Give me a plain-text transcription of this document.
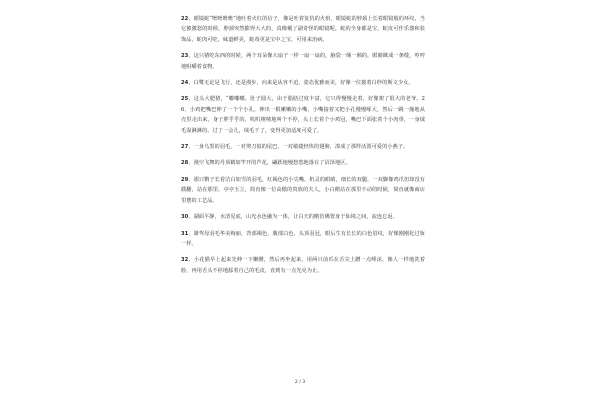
22、眼镜蛇“咝咝咝咝”地吐着火红的信子，像是吐着复仇的火焰，眼镜蛇的脖颈上长着眼镜般的环纹，当它被激怒的时候，脖颈突然膨得大大的，真像戴了副奇怪的眼镜呢。蛇的全身都是宝，蛇皮可作乐器和装饰品，蛇肉可吃，味道鲜美，蛇毒更是宝中之宝，可用来治病。

23、这只猪吃东西的时候，两个耳朵像大扇子一样一扇一扇的，脑袋一颠一颠的，眼睛眯成一条缝，哼哼地咀嚼着食物。

24、白鹭无论是飞行，还是漫步，向来是从容不迫，姿态优雅而美，好像一位披着白纱的斯文少女。

25、这头大肥猪，“嘟嘟嘟，肚子圆大，由于脂肪过度丰富，它只得慢慢走着，好像架了很大的老爷。26、小鸡把嘴巴伸了一个个小孔，伸出一根嫩嫩的小嘴，小嘴接着又把小孔慢慢啄大，然后一跳一撞地从壳里走出来，身子胖乎乎的，叽叽喳喳地叫个不停，头上长着个小鸡冠，嘴巴下面张着个小肉垂，一身绒毛湿淋淋的，过了一会儿，绒毛干了，变得更加适度可爱了。

27、一身乌黑的羽毛，一对剪刀似的尾巴，一对敏捷轻快的翅膀，凑成了那样活泼可爱的小燕子。

28、漫空飞舞的丹顶鹤如竿开的芦花，翩跃地慢悠悠地落在了沼泽地区。

29、那只鹦子长着洁白如雪的羽毛，红褐色的小尖嘴，机灵的眼睛，细长的双腿，一双脚像鸡爪但却没有蹼翻，站在那里，亭亭玉立，简直像一位高傲的贵族的夫人，小白鹅站在那里不动的时候，简直就像商店里摆的工艺品。

30、湖面平静，水清见底，山光水色融为一体，让白天的鹅仿佛置身于仙境之间，流连忘返。

31、雄驾母羽毛华美绚丽，背部褐色，腹部白色，头顶羽冠，眼后生有长长的白色眉纹，好像刚刚化过妆一样。

32、小花猫早上起来先伸一下懒腰，然后再坐起来，用两只前爪在舌尖上蹭一点唾沫，像人一样地洗着脸，再用舌头不停地舔着自己的毛皮，直到有一点光亮为止。

2 / 3
